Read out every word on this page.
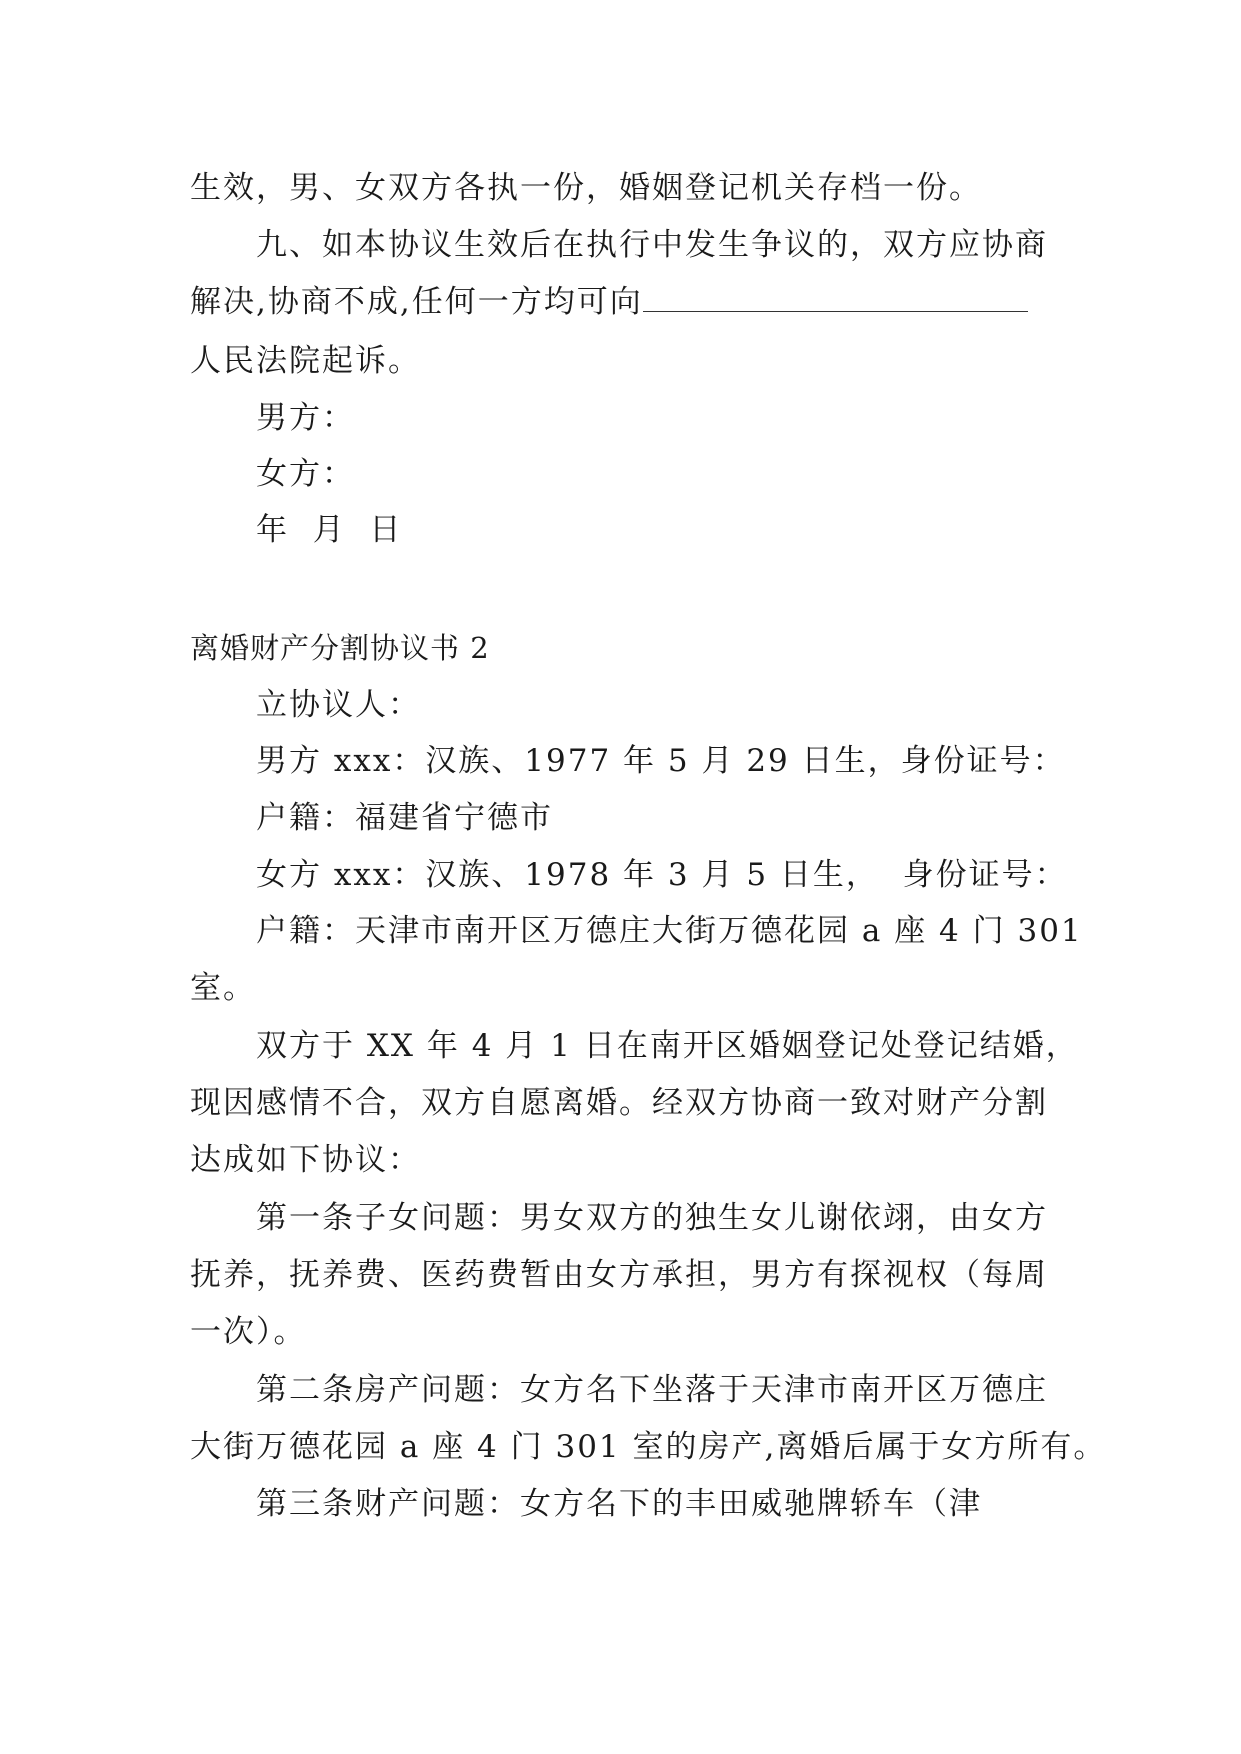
生效，男、女双方各执一份，婚姻登记机关存档一份。
九、如本协议生效后在执行中发生争议的，双方应协商
解决,协商不成,任何一方均可向
人民法院起诉。
男方：
女方：
年  月  日
离婚财产分割协议书 2
立协议人：
男方 xxx：汉族、1977 年 5 月 29 日生，身份证号：
户籍：福建省宁德市
女方 xxx：汉族、1978 年 3 月 5 日生，  身份证号：
户籍：天津市南开区万德庄大街万德花园 a 座 4 门 301
室。
双方于 XX 年 4 月 1 日在南开区婚姻登记处登记结婚，
现因感情不合，双方自愿离婚。经双方协商一致对财产分割
达成如下协议：
第一条子女问题：男女双方的独生女儿谢依翊，由女方
抚养，抚养费、医药费暂由女方承担，男方有探视权（每周
一次）。
第二条房产问题：女方名下坐落于天津市南开区万德庄
大街万德花园 a 座 4 门 301 室的房产,离婚后属于女方所有。
第三条财产问题：女方名下的丰田威驰牌轿车（津
